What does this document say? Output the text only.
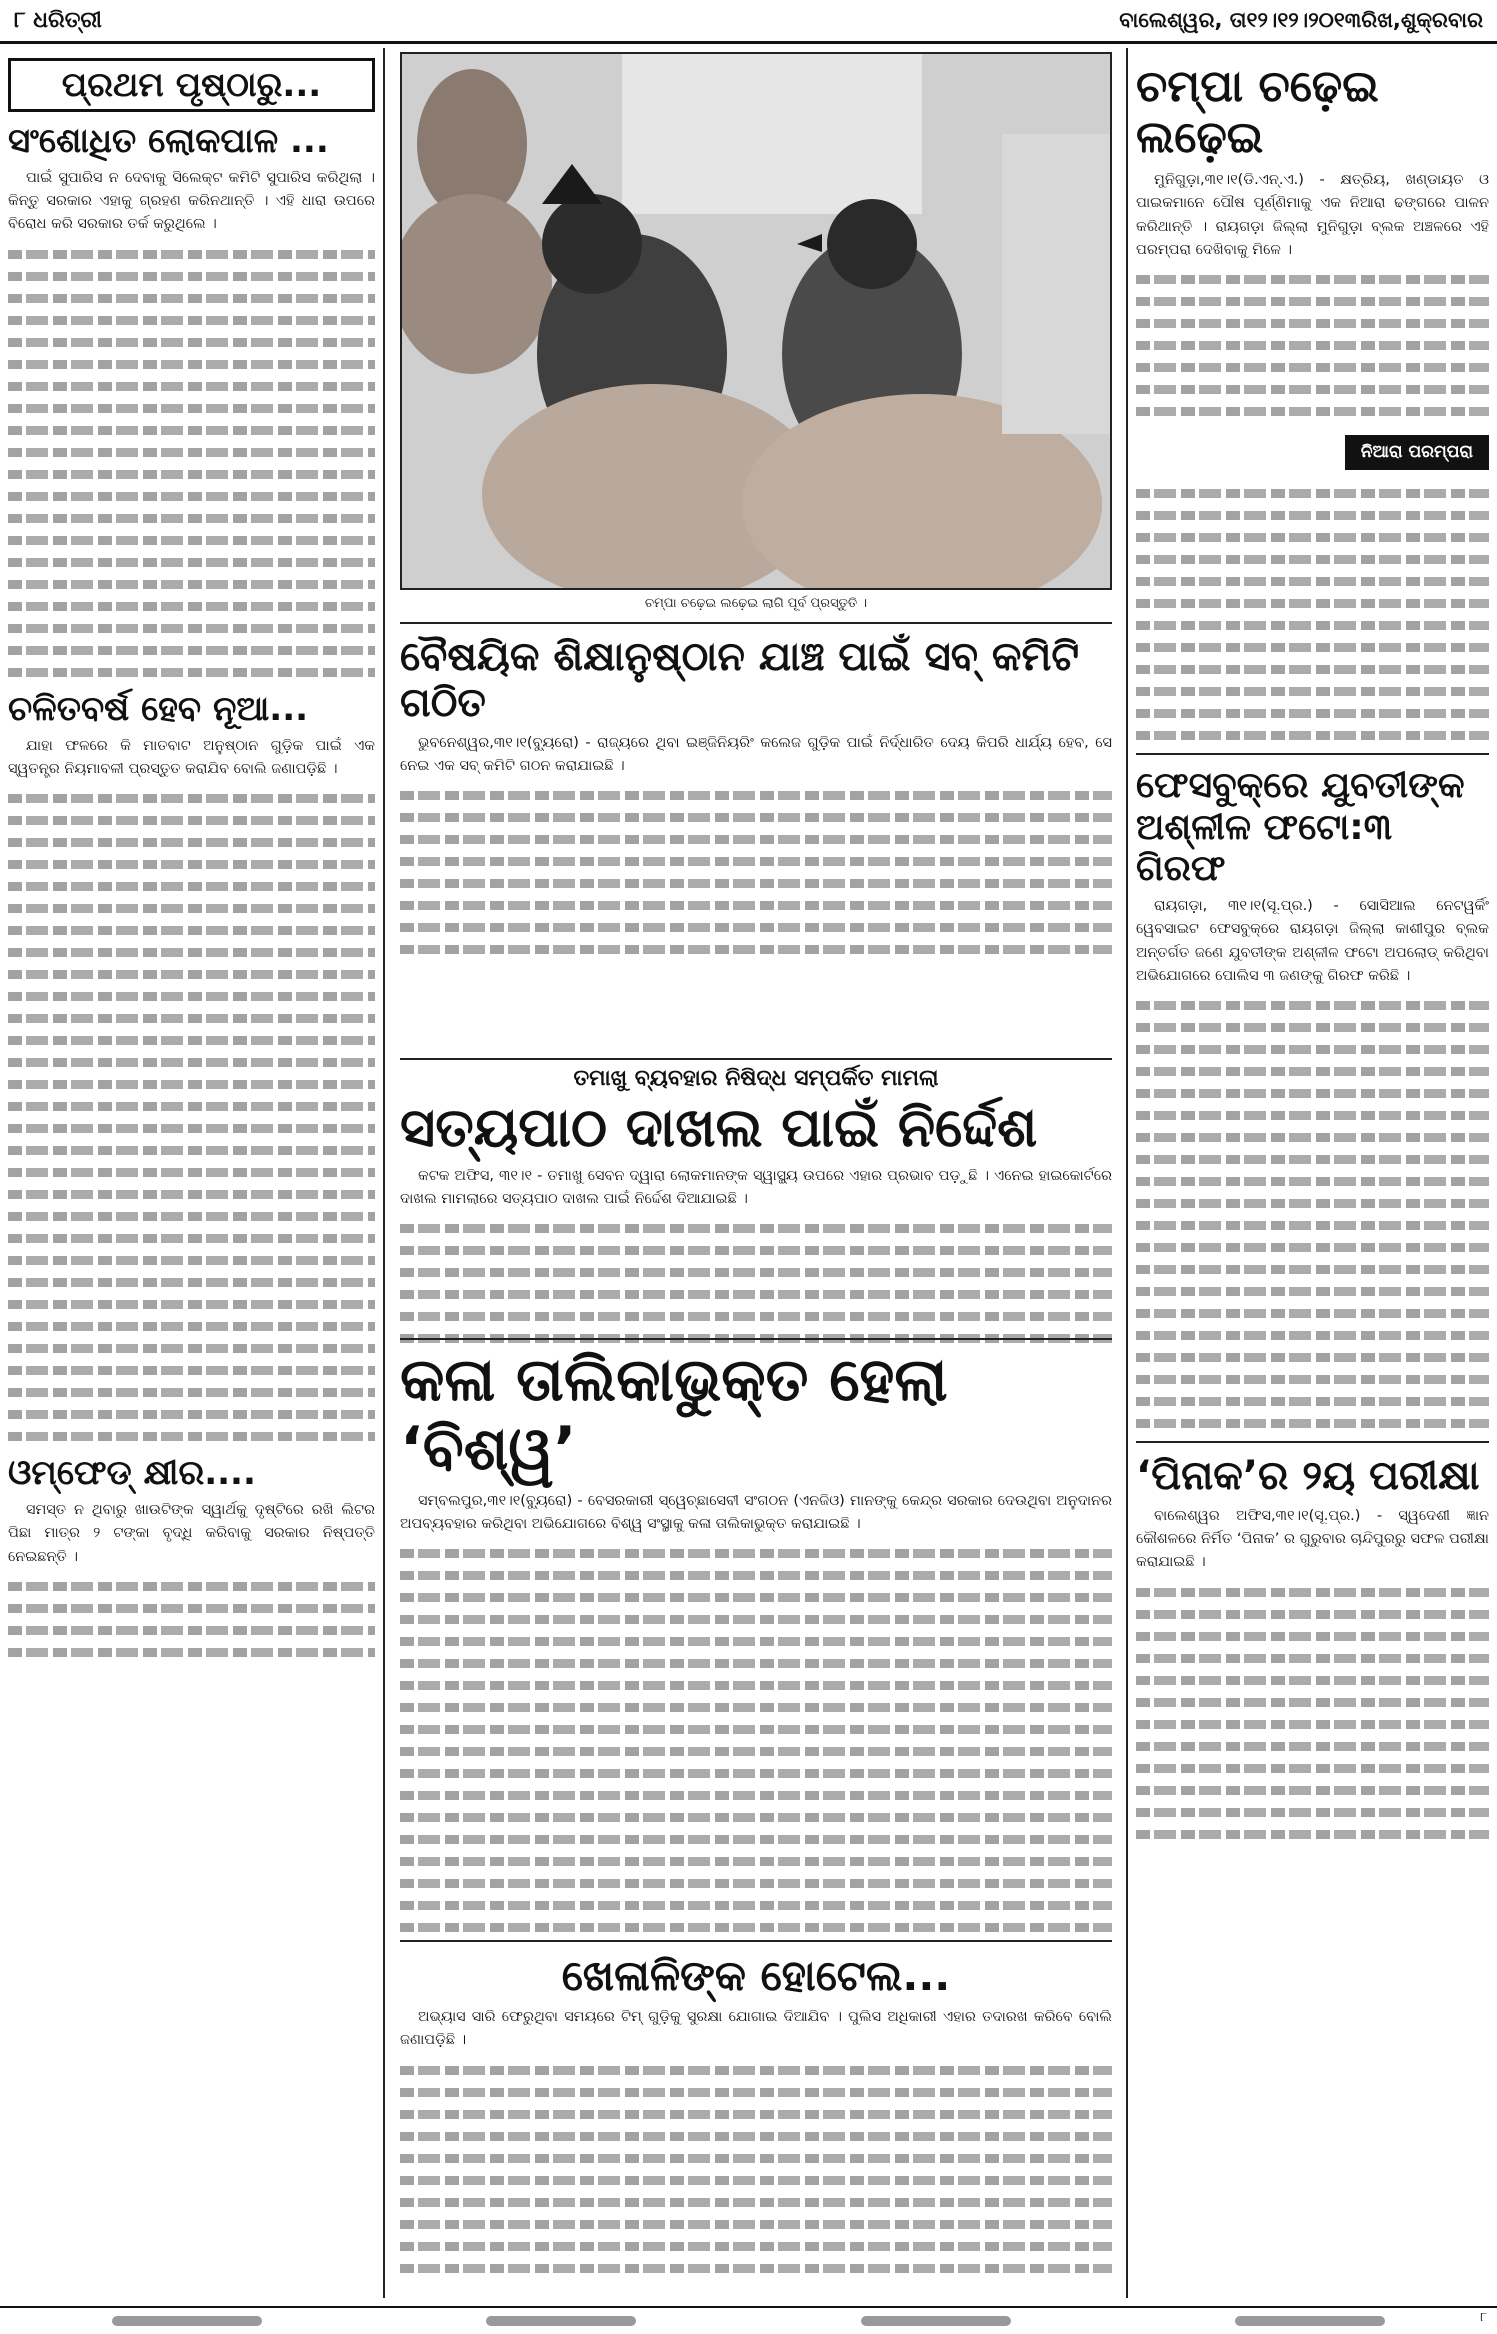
୮ ଧରିତ୍ରୀ	ବାଲେଶ୍ୱର, ତା୧୨।୧୨।୨୦୧୩ରିଖ,ଶୁକ୍ରବାର
ପ୍ରଥମ ପୃଷ୍ଠାରୁ...
ସଂଶୋଧିତ ଲୋକପାଳ ...

ପାଇଁ ସୁପାରିସ ନ ଦେବାକୁ ସିଲେକ୍ଟ କମିଟି ସୁପାରିସ କରିଥିଲା । କିନ୍ତୁ ସରକାର ଏହାକୁ ଗ୍ରହଣ କରିନଥାନ୍ତି । ଏହି ଧାରା ଉପରେ ବିରୋଧ କରି ସରକାର ତର୍କ କରୁଥିଲେ ।

ଚଳିତବର୍ଷ ହେବ ନୂଆ...

ଯାହା ଫଳରେ କି ମାତବାଟ ଅନୁଷ୍ଠାନ ଗୁଡ଼ିକ ପାଇଁ ଏକ ସ୍ୱତନ୍ତ୍ର ନିୟମାବଳୀ ପ୍ରସ୍ତୁତ କରାଯିବ ବୋଲି ଜଣାପଡ଼ିଛି ।

ଓମ୍‌ଫେଡ୍ କ୍ଷୀର....

ସମସ୍ତ ନ ଥିବାରୁ ଖାଉଟିଙ୍କ ସ୍ୱାର୍ଥକୁ ଦୃଷ୍ଟିରେ ରଖି ଲିଟର ପିଛା ମାତ୍ର ୨ ଟଙ୍କା ବୃଦ୍ଧି କରିବାକୁ ସରକାର ନିଷ୍ପତ୍ତି ନେଇଛନ୍ତି ।

ଚମ୍ପା ଚଢ଼େଇ ଲଢ଼େଇ ଲାଗି ପୂର୍ବ ପ୍ରସ୍ତୁତି ।
ବୈଷୟିକ ଶିକ୍ଷାନୁଷ୍ଠାନ ଯାଞ୍ଚ ପାଇଁ ସବ୍ କମିଟି ଗଠିତ

ଭୁବନେଶ୍ୱର,୩୧।୧(ବ୍ୟୁରୋ) - ରାଜ୍ୟରେ ଥିବା ଇଞ୍ଜିନିୟରିଂ କଲେଜ ଗୁଡ଼ିକ ପାଇଁ ନିର୍ଦ୍ଧାରିତ ଦେୟ କିପରି ଧାର୍ଯ୍ୟ ହେବ, ସେ ନେଇ ଏକ ସବ୍ କମିଟି ଗଠନ କରାଯାଇଛି ।

ତମାଖୁ ବ୍ୟବହାର ନିଷିଦ୍ଧ ସମ୍ପର୍କିତ ମାମଲା
ସତ୍ୟପାଠ ଦାଖଲ ପାଇଁ ନିର୍ଦ୍ଦେଶ

କଟକ ଅଫିସ, ୩୧।୧ - ତମାଖୁ ସେବନ ଦ୍ୱାରା ଲୋକମାନଙ୍କ ସ୍ୱାସ୍ଥ୍ୟ ଉପରେ ଏହାର ପ୍ରଭାବ ପଡ଼ୁଛି । ଏନେଇ ହାଇକୋର୍ଟରେ ଦାଖଲ ମାମଲାରେ ସତ୍ୟପାଠ ଦାଖଲ ପାଇଁ ନିର୍ଦ୍ଦେଶ ଦିଆଯାଇଛି ।

କଳା ତାଲିକାଭୁକ୍ତ ହେଲା ‘ବିଶ୍ୱ’

ସମ୍ବଲପୁର,୩୧।୧(ବ୍ୟୁରୋ) - ବେସରକାରୀ ସ୍ୱେଚ୍ଛାସେବୀ ସଂଗଠନ (ଏନଜିଓ) ମାନଙ୍କୁ କେନ୍ଦ୍ର ସରକାର ଦେଉଥିବା ଅନୁଦାନର ଅପବ୍ୟବହାର କରିଥିବା ଅଭିଯୋଗରେ ବିଶ୍ୱ ସଂସ୍ଥାକୁ କଳା ତାଲିକାଭୁକ୍ତ କରାଯାଇଛି ।

ଖେଳାଳିଙ୍କ ହୋଟେଲ...

ଅଭ୍ୟାସ ସାରି ଫେରୁଥିବା ସମୟରେ ଟିମ୍ ଗୁଡ଼ିକୁ ସୁରକ୍ଷା ଯୋଗାଇ ଦିଆଯିବ । ପୁଲିସ ଅଧିକାରୀ ଏହାର ତଦାରଖ କରିବେ ବୋଲି ଜଣାପଡ଼ିଛି ।

ଚମ୍ପା ଚଢ଼େଇ ଲଢ଼େଇ

ମୁନିଗୁଡ଼ା,୩୧।୧(ଡି.ଏନ୍.ଏ.) - କ୍ଷତ୍ରିୟ, ଖଣ୍ଡାୟତ ଓ ପାଇକମାନେ ପୌଷ ପୂର୍ଣ୍ଣିମାକୁ ଏକ ନିଆରା ଢଙ୍ଗରେ ପାଳନ କରିଥାନ୍ତି । ରାୟଗଡ଼ା ଜିଲ୍ଲା ମୁନିଗୁଡ଼ା ବ୍ଲକ ଅଞ୍ଚଳରେ ଏହି ପରମ୍ପରା ଦେଖିବାକୁ ମିଳେ ।

ନିଆରା ପରମ୍ପରା
ଫେସବୁକ୍‌ରେ ଯୁବତୀଙ୍କ ଅଶ୍ଳୀଳ ଫଟୋ:୩ ଗିରଫ

ରାୟଗଡ଼ା, ୩୧।୧(ସୂ.ପ୍ର.) - ସୋସିଆଲ ନେଟୱର୍କିଂ ୱେବସାଇଟ ଫେସବୁକ୍‌ରେ ରାୟଗଡ଼ା ଜିଲ୍ଲା କାଶୀପୁର ବ୍ଲକ ଅନ୍ତର୍ଗତ ଜଣେ ଯୁବତୀଙ୍କ ଅଶ୍ଳୀଳ ଫଟୋ ଅପଲୋଡ୍ କରିଥିବା ଅଭିଯୋଗରେ ପୋଲିସ ୩ ଜଣଙ୍କୁ ଗିରଫ କରିଛି ।

‘ପିନାକ’ର ୨ୟ ପରୀକ୍ଷା

ବାଲେଶ୍ୱର ଅଫିସ,୩୧।୧(ସୂ.ପ୍ର.) - ସ୍ୱଦେଶୀ ଜ୍ଞାନ କୌଶଳରେ ନିର୍ମିତ ‘ପିନାକ’ ର ଗୁରୁବାର ଚାନ୍ଦିପୁରରୁ ସଫଳ ପରୀକ୍ଷା କରାଯାଇଛି ।

୮
